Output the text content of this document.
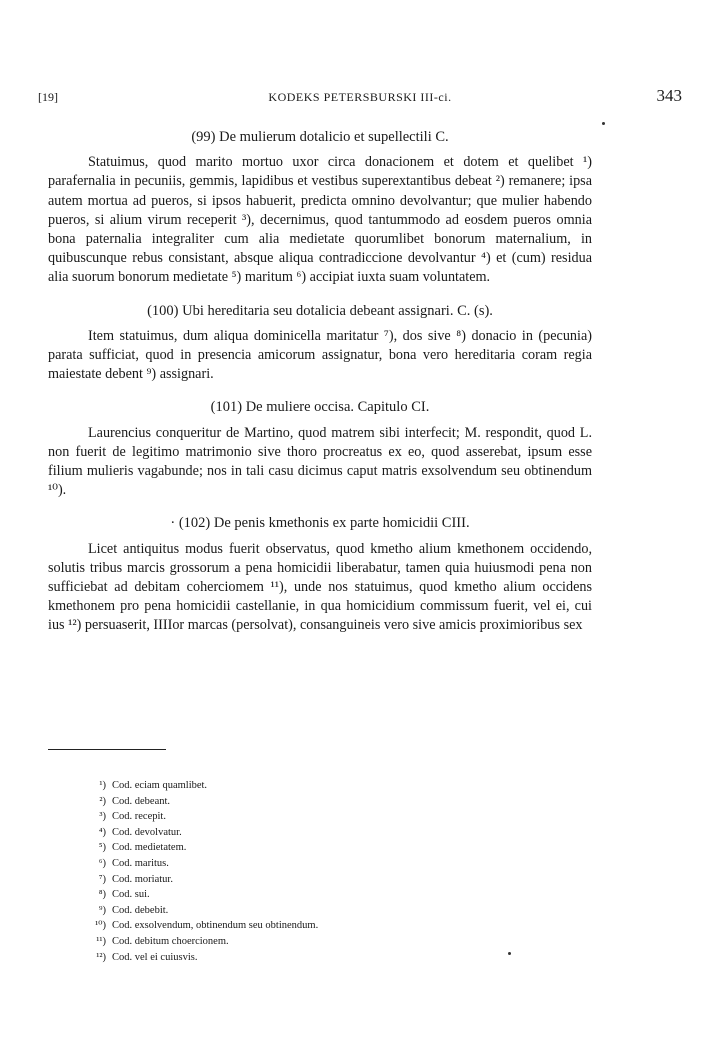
[19]	KODEKS PETERSBURSKI III-ci.	343
(99) De mulierum dotalicio et supellectili C.

Statuimus, quod marito mortuo uxor circa donacionem et dotem et quelibet ¹) parafernalia in pecuniis, gemmis, lapidibus et vestibus superextantibus debeat ²) remanere; ipsa autem mortua ad pueros, si ipsos habuerit, predicta omnino devolvantur; que mulier habendo pueros, si alium virum receperit ³), decernimus, quod tantummodo ad eosdem pueros omnia bona paternalia integraliter cum alia medietate quorumlibet bonorum maternalium, in quibuscunque rebus consistant, absque aliqua contradiccione devolvantur ⁴) et (cum) residua alia suorum bonorum medietate ⁵) maritum ⁶) accipiat iuxta suam voluntatem.

(100) Ubi hereditaria seu dotalicia debeant assignari. C. (s).

Item statuimus, dum aliqua dominicella maritatur ⁷), dos sive ⁸) donacio in (pecunia) parata sufficiat, quod in presencia amicorum assignatur, bona vero hereditaria coram regia maiestate debent ⁹) assignari.

(101) De muliere occisa. Capitulo CI.

Laurencius conqueritur de Martino, quod matrem sibi interfecit; M. respondit, quod L. non fuerit de legitimo matrimonio sive thoro procreatus ex eo, quod asserebat, ipsum esse filium mulieris vagabunde; nos in tali casu dicimus caput matris exsolvendum seu obtinendum ¹⁰).

· (102) De penis kmethonis ex parte homicidii CIII.

Licet antiquitus modus fuerit observatus, quod kmetho alium kmethonem occidendo, solutis tribus marcis grossorum a pena homicidii liberabatur, tamen quia huiusmodi pena non sufficiebat ad debitam coherciomem ¹¹), unde nos statuimus, quod kmetho alium occidens kmethonem pro pena homicidii castellanie, in qua homicidium commissum fuerit, vel ei, cui ius ¹²) persuaserit, IIIIor marcas (persolvat), consanguineis vero sive amicis proximioribus sex

¹) Cod. eciam quamlibet.
²) Cod. debeant.
³) Cod. recepit.
⁴) Cod. devolvatur.
⁵) Cod. medietatem.
⁶) Cod. maritus.
⁷) Cod. moriatur.
⁸) Cod. sui.
⁹) Cod. debebit.
¹⁰) Cod. exsolvendum, obtinendum seu obtinendum.
¹¹) Cod. debitum choercionem.
¹²) Cod. vel ei cuiusvis.
